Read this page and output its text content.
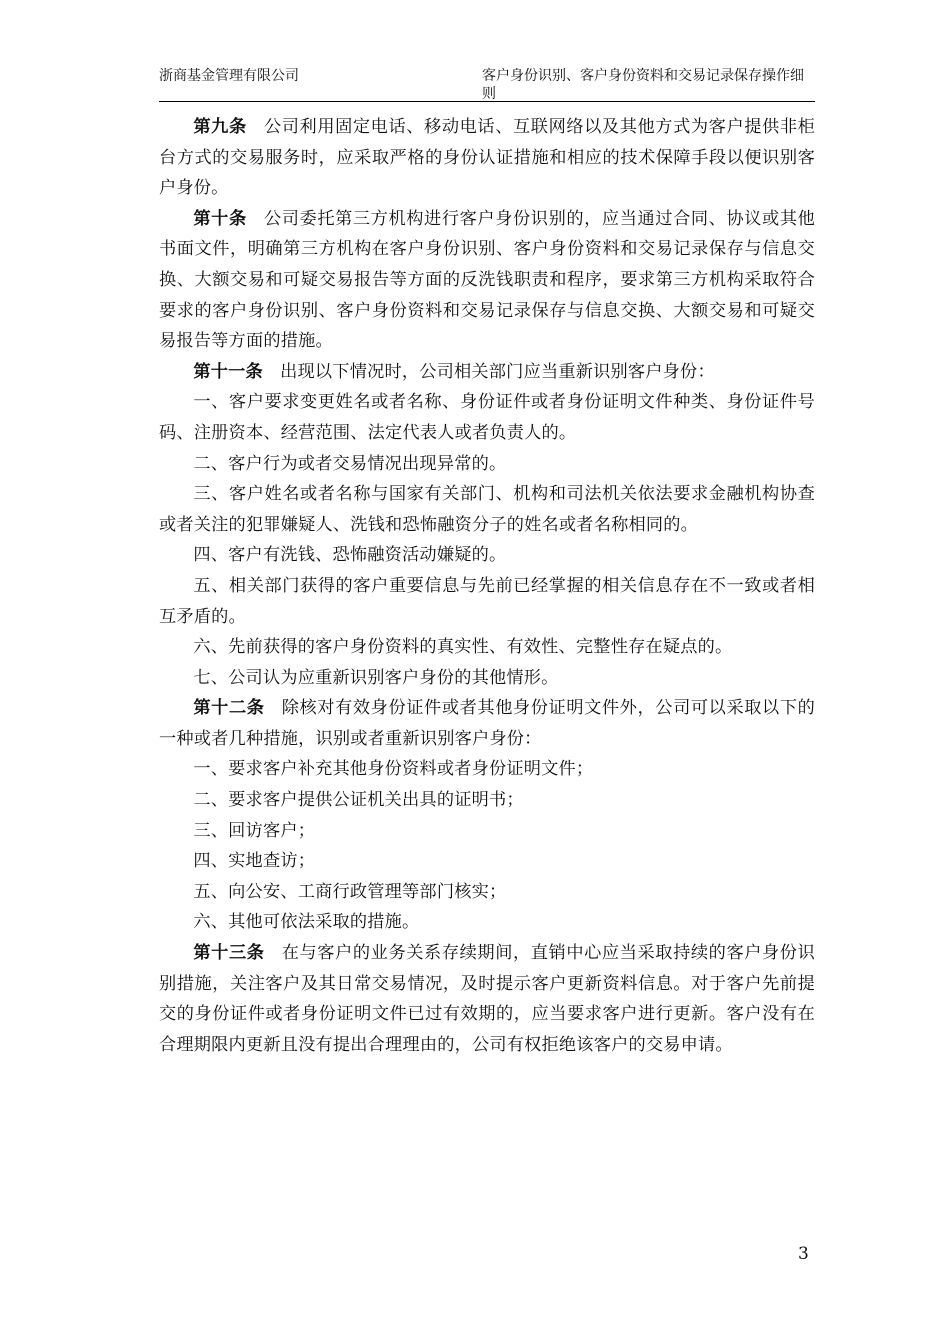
浙商基金管理有限公司	客户身份识别、客户身份资料和交易记录保存操作细则

第九条 公司利用固定电话、移动电话、互联网络以及其他方式为客户提供非柜台方式的交易服务时，应采取严格的身份认证措施和相应的技术保障手段以便识别客户身份。

第十条 公司委托第三方机构进行客户身份识别的，应当通过合同、协议或其他书面文件，明确第三方机构在客户身份识别、客户身份资料和交易记录保存与信息交换、大额交易和可疑交易报告等方面的反洗钱职责和程序，要求第三方机构采取符合要求的客户身份识别、客户身份资料和交易记录保存与信息交换、大额交易和可疑交易报告等方面的措施。

第十一条 出现以下情况时，公司相关部门应当重新识别客户身份：

一、客户要求变更姓名或者名称、身份证件或者身份证明文件种类、身份证件号码、注册资本、经营范围、法定代表人或者负责人的。

二、客户行为或者交易情况出现异常的。

三、客户姓名或者名称与国家有关部门、机构和司法机关依法要求金融机构协查或者关注的犯罪嫌疑人、洗钱和恐怖融资分子的姓名或者名称相同的。

四、客户有洗钱、恐怖融资活动嫌疑的。

五、相关部门获得的客户重要信息与先前已经掌握的相关信息存在不一致或者相互矛盾的。

六、先前获得的客户身份资料的真实性、有效性、完整性存在疑点的。

七、公司认为应重新识别客户身份的其他情形。

第十二条 除核对有效身份证件或者其他身份证明文件外，公司可以采取以下的一种或者几种措施，识别或者重新识别客户身份：

一、要求客户补充其他身份资料或者身份证明文件；

二、要求客户提供公证机关出具的证明书；

三、回访客户；

四、实地查访；

五、向公安、工商行政管理等部门核实；

六、其他可依法采取的措施。

第十三条 在与客户的业务关系存续期间，直销中心应当采取持续的客户身份识别措施，关注客户及其日常交易情况，及时提示客户更新资料信息。对于客户先前提交的身份证件或者身份证明文件已过有效期的，应当要求客户进行更新。客户没有在合理期限内更新且没有提出合理理由的，公司有权拒绝该客户的交易申请。

3
